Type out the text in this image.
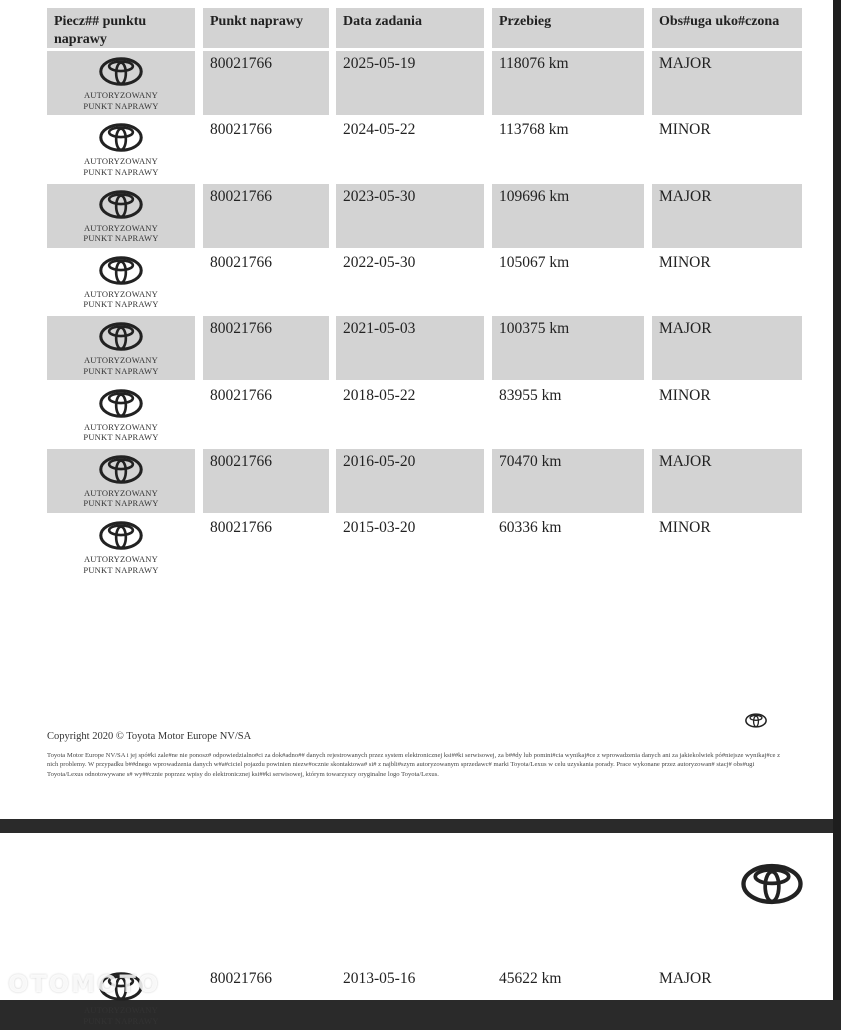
Piecz## punktu naprawy
Punkt naprawy	Data zadania	Przebieg	Obs#uga uko#czona
AUTORYZOWANY
PUNKT NAPRAWY
80021766	2025-05-19	118076 km	MAJOR
AUTORYZOWANY
PUNKT NAPRAWY
80021766	2024-05-22	113768 km	MINOR
AUTORYZOWANY
PUNKT NAPRAWY
80021766	2023-05-30	109696 km	MAJOR
AUTORYZOWANY
PUNKT NAPRAWY
80021766	2022-05-30	105067 km	MINOR
AUTORYZOWANY
PUNKT NAPRAWY
80021766	2021-05-03	100375 km	MAJOR
AUTORYZOWANY
PUNKT NAPRAWY
80021766	2018-05-22	83955 km	MINOR
AUTORYZOWANY
PUNKT NAPRAWY
80021766	2016-05-20	70470 km	MAJOR
AUTORYZOWANY
PUNKT NAPRAWY
80021766	2015-03-20	60336 km	MINOR
Copyright 2020 © Toyota Motor Europe NV/SA
Toyota Motor Europe NV/SA i jej spó#ki zale#ne nie ponosz# odpowiedzialno#ci za dok#adno## danych rejestrowanych przez system elektronicznej ksi##ki serwisowej, za b##dy lub pomini#cia wynikaj#ce z wprowadzenia danych ani za jakiekolwiek pó#niejsze wynikaj#ce z nich problemy. W przypadku b##dnego wprowadzenia danych w#a#ciciel pojazdu powinien niezw#ocznie skontaktowa# si# z najbli#szym autoryzowanym sprzedawc# marki Toyota/Lexus w celu uzyskania porady. Prace wykonane przez autoryzowan# stacj# obs#ugi Toyota/Lexus odnotowywane s# wy##cznie poprzez wpisy do elektronicznej ksi##ki serwisowej, którym towarzyszy oryginalne logo Toyota/Lexus.
AUTORYZOWANY
PUNKT NAPRAWY
80021766	2013-05-16	45622 km	MAJOR
OTOMOTO
